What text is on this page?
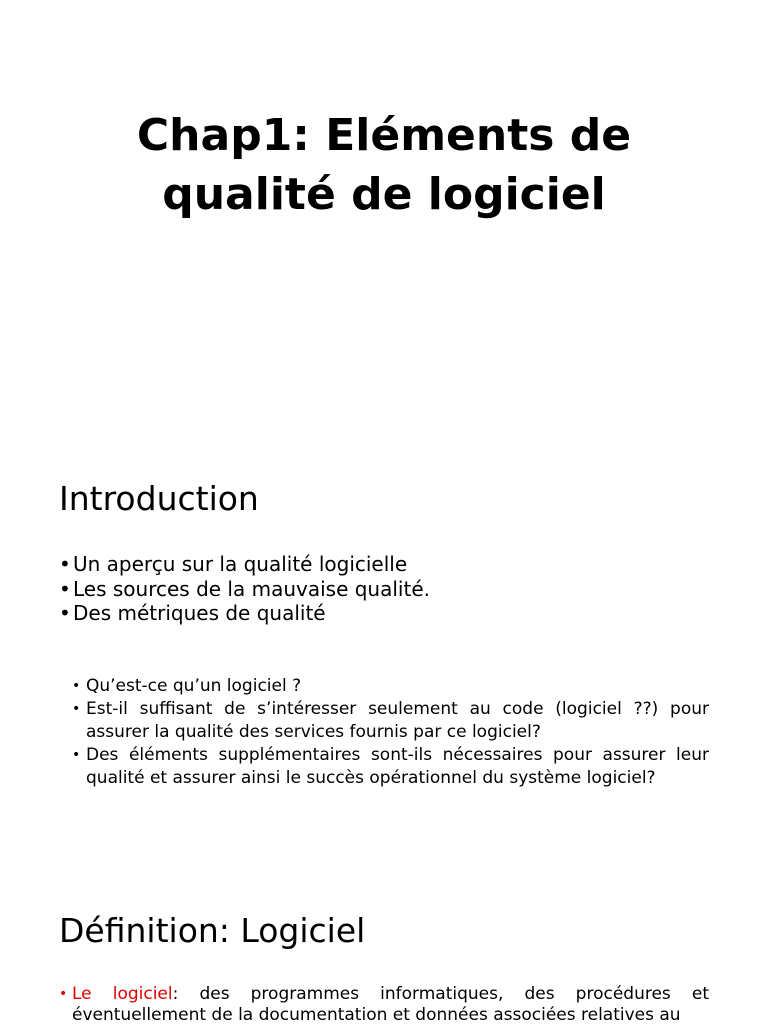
Chap1: Eléments de
qualité de logiciel
Introduction
• Un aperçu sur la qualité logicielle
• Les sources de la mauvaise qualité.
• Des métriques de qualité
• Qu’est-ce qu’un logiciel ?
• Est-il suffisant de s’intéresser seulement au code (logiciel ??) pour assurer la qualité des services fournis par ce logiciel?
• Des éléments supplémentaires sont-ils nécessaires pour assurer leur qualité et assurer ainsi le succès opérationnel du système logiciel?
Définition: Logiciel
• Le logiciel: des programmes informatiques, des procédures et éventuellement de la documentation et données associées relatives au
